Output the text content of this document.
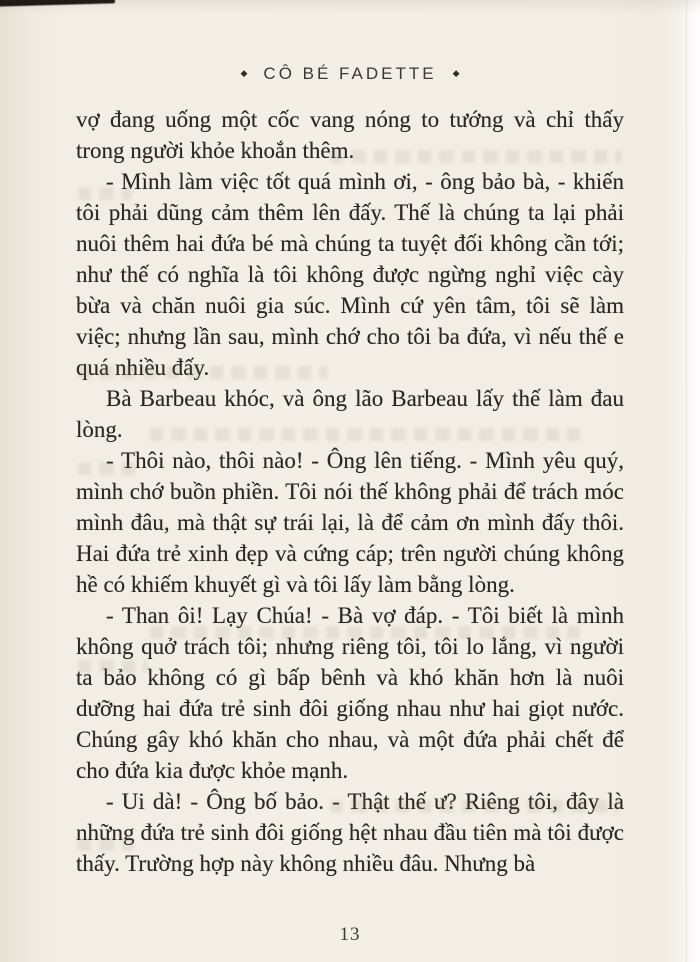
◆ CÔ BÉ FADETTE ◆

vợ đang uống một cốc vang nóng to tướng và chỉ thấy trong người khỏe khoắn thêm.

- Mình làm việc tốt quá mình ơi, - ông bảo bà, - khiến tôi phải dũng cảm thêm lên đấy. Thế là chúng ta lại phải nuôi thêm hai đứa bé mà chúng ta tuyệt đối không cần tới; như thế có nghĩa là tôi không được ngừng nghỉ việc cày bừa và chăn nuôi gia súc. Mình cứ yên tâm, tôi sẽ làm việc; nhưng lần sau, mình chớ cho tôi ba đứa, vì nếu thế e quá nhiều đấy.

Bà Barbeau khóc, và ông lão Barbeau lấy thế làm đau lòng.

- Thôi nào, thôi nào! - Ông lên tiếng. - Mình yêu quý, mình chớ buồn phiền. Tôi nói thế không phải để trách móc mình đâu, mà thật sự trái lại, là để cảm ơn mình đấy thôi. Hai đứa trẻ xinh đẹp và cứng cáp; trên người chúng không hề có khiếm khuyết gì và tôi lấy làm bằng lòng.

- Than ôi! Lạy Chúa! - Bà vợ đáp. - Tôi biết là mình không quở trách tôi; nhưng riêng tôi, tôi lo lắng, vì người ta bảo không có gì bấp bênh và khó khăn hơn là nuôi dưỡng hai đứa trẻ sinh đôi giống nhau như hai giọt nước. Chúng gây khó khăn cho nhau, và một đứa phải chết để cho đứa kia được khỏe mạnh.

- Ui dà! - Ông bố bảo. - Thật thế ư? Riêng tôi, đây là những đứa trẻ sinh đôi giống hệt nhau đầu tiên mà tôi được thấy. Trường hợp này không nhiều đâu. Nhưng bà

13
